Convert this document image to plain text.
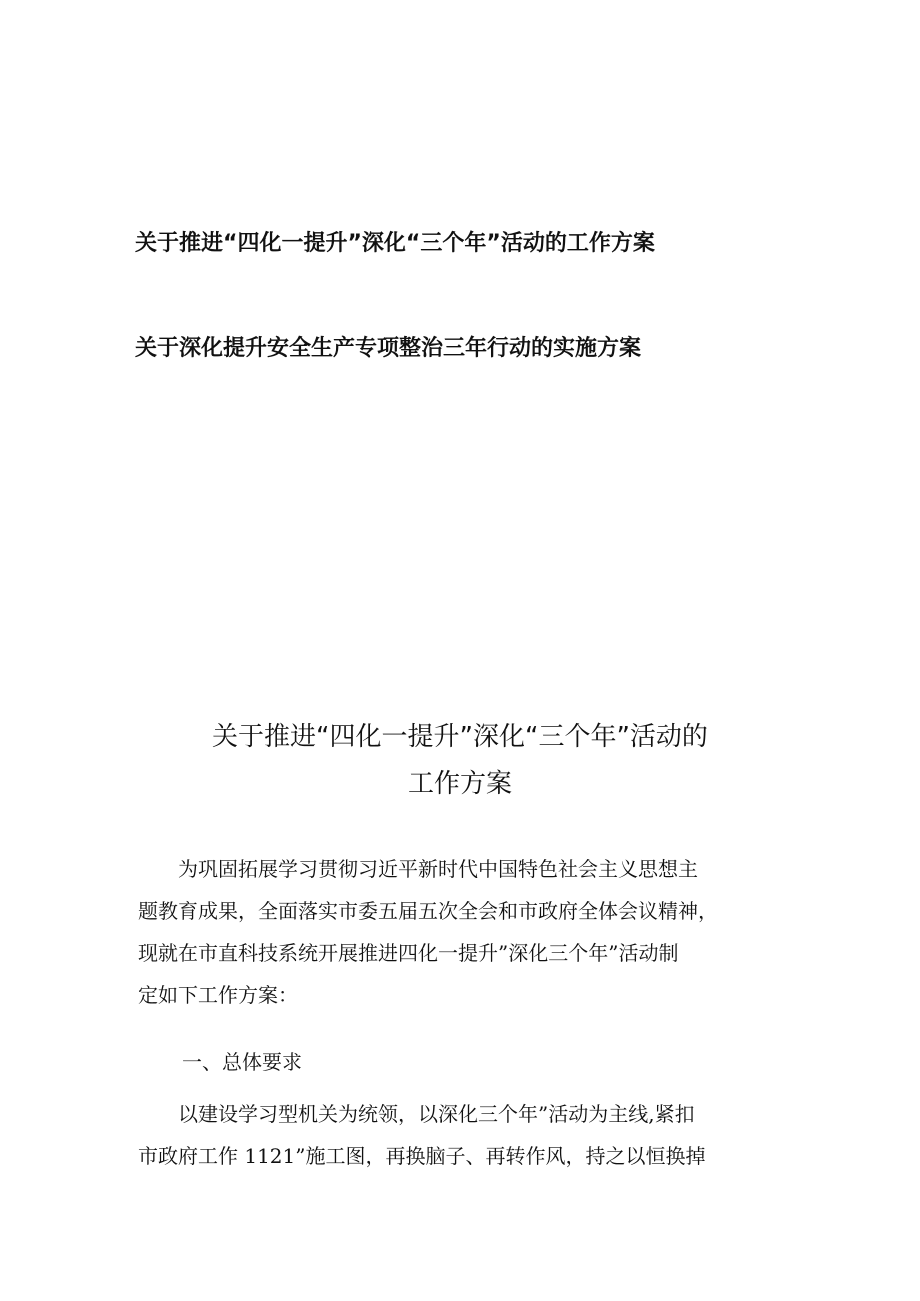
关于推进“四化一提升”深化“三个年”活动的工作方案
关于深化提升安全生产专项整治三年行动的实施方案
关于推进“四化一提升”深化“三个年”活动的
工作方案
　　为巩固拓展学习贯彻习近平新时代中国特色社会主义思想主
题教育成果，全面落实市委五届五次全会和市政府全体会议精神，
现就在市直科技系统开展推进四化一提升”深化三个年”活动制
定如下工作方案：
一、总体要求
　　以建设学习型机关为统领，以深化三个年”活动为主线,紧扣
市政府工作 1121”施工图，再换脑子、再转作风，持之以恒换掉
